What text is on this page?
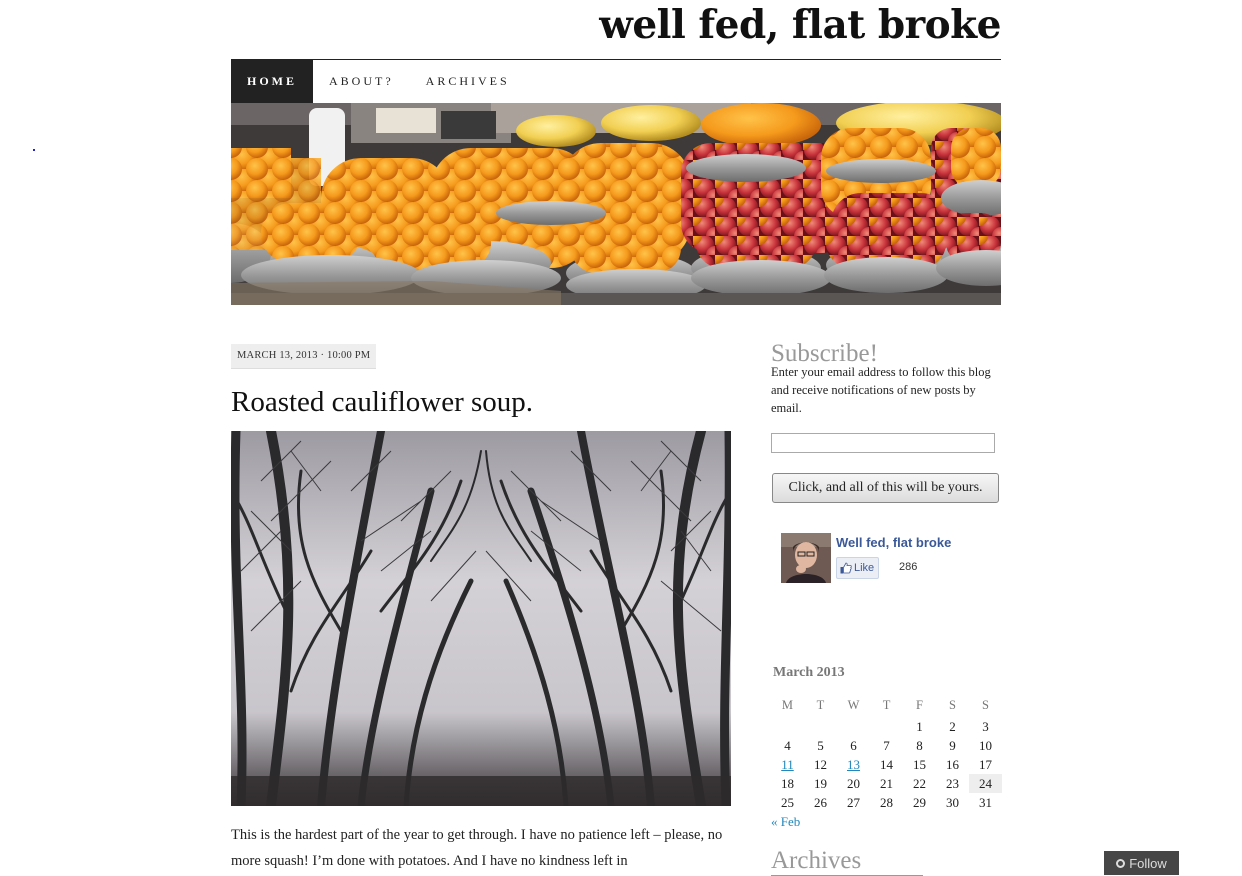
well fed, flat broke
HOME	ABOUT?	ARCHIVES
MARCH 13, 2013 · 10:00 PM
Roasted cauliflower soup.
This is the hardest part of the year to get through. I have no patience left – please, no more squash! I’m done with potatoes. And I have no kindness left in
Subscribe!
Enter your email address to follow this blog and receive notifications of new posts by email.
Click, and all of this will be yours.
Well fed, flat broke
Like 286
March 2013
M	T	W	T	F	S	S
				1	2	3
4	5	6	7	8	9	10
11	12	13	14	15	16	17
18	19	20	21	22	23	24
25	26	27	28	29	30	31
« Feb
Archives	Follow
